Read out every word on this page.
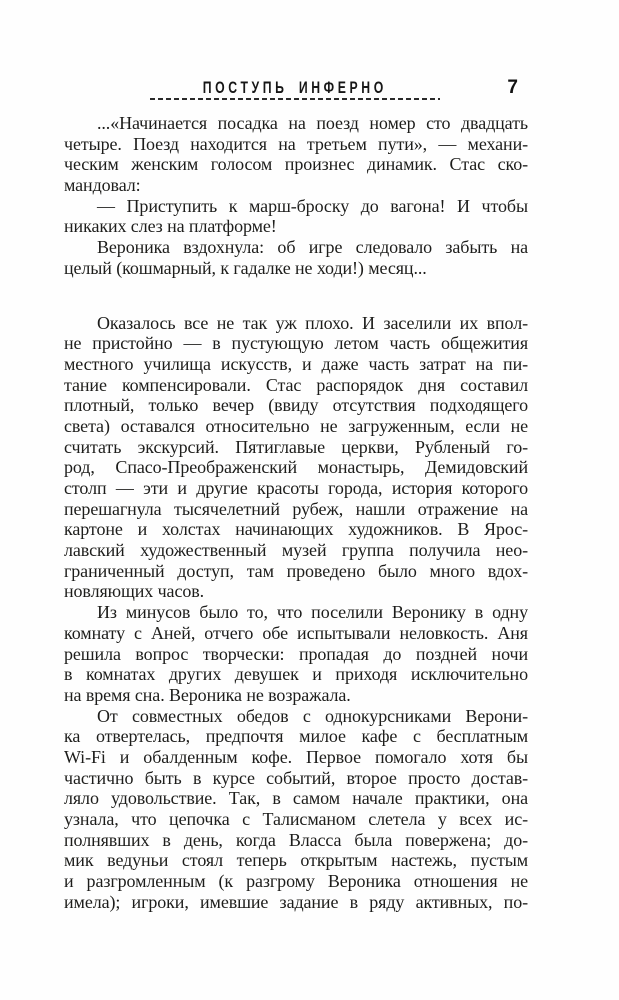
ПОСТУПЬ ИНФЕРНО	7
...«Начинается посадка на поезд номер сто двадцать
четыре. Поезд находится на третьем пути», — механи-
ческим женским голосом произнес динамик. Стас ско-
мандовал:
— Приступить к марш-броску до вагона! И чтобы
никаких слез на платформе!
Вероника вздохнула: об игре следовало забыть на
целый (кошмарный, к гадалке не ходи!) месяц...
Оказалось все не так уж плохо. И заселили их впол-
не пристойно — в пустующую летом часть общежития
местного училища искусств, и даже часть затрат на пи-
тание компенсировали. Стас распорядок дня составил
плотный, только вечер (ввиду отсутствия подходящего
света) оставался относительно не загруженным, если не
считать экскурсий. Пятиглавые церкви, Рубленый го-
род, Спасо-Преображенский монастырь, Демидовский
столп — эти и другие красоты города, история которого
перешагнула тысячелетний рубеж, нашли отражение на
картоне и холстах начинающих художников. В Ярос-
лавский художественный музей группа получила нео-
граниченный доступ, там проведено было много вдох-
новляющих часов.
Из минусов было то, что поселили Веронику в одну
комнату с Аней, отчего обе испытывали неловкость. Аня
решила вопрос творчески: пропадая до поздней ночи
в комнатах других девушек и приходя исключительно
на время сна. Вероника не возражала.
От совместных обедов с однокурсниками Верони-
ка отвертелась, предпочтя милое кафе с бесплатным
Wi-Fi и обалденным кофе. Первое помогало хотя бы
частично быть в курсе событий, второе просто достав-
ляло удовольствие. Так, в самом начале практики, она
узнала, что цепочка с Талисманом слетела у всех ис-
полнявших в день, когда Власса была повержена; до-
мик ведуньи стоял теперь открытым настежь, пустым
и разгромленным (к разгрому Вероника отношения не
имела); игроки, имевшие задание в ряду активных, по-
